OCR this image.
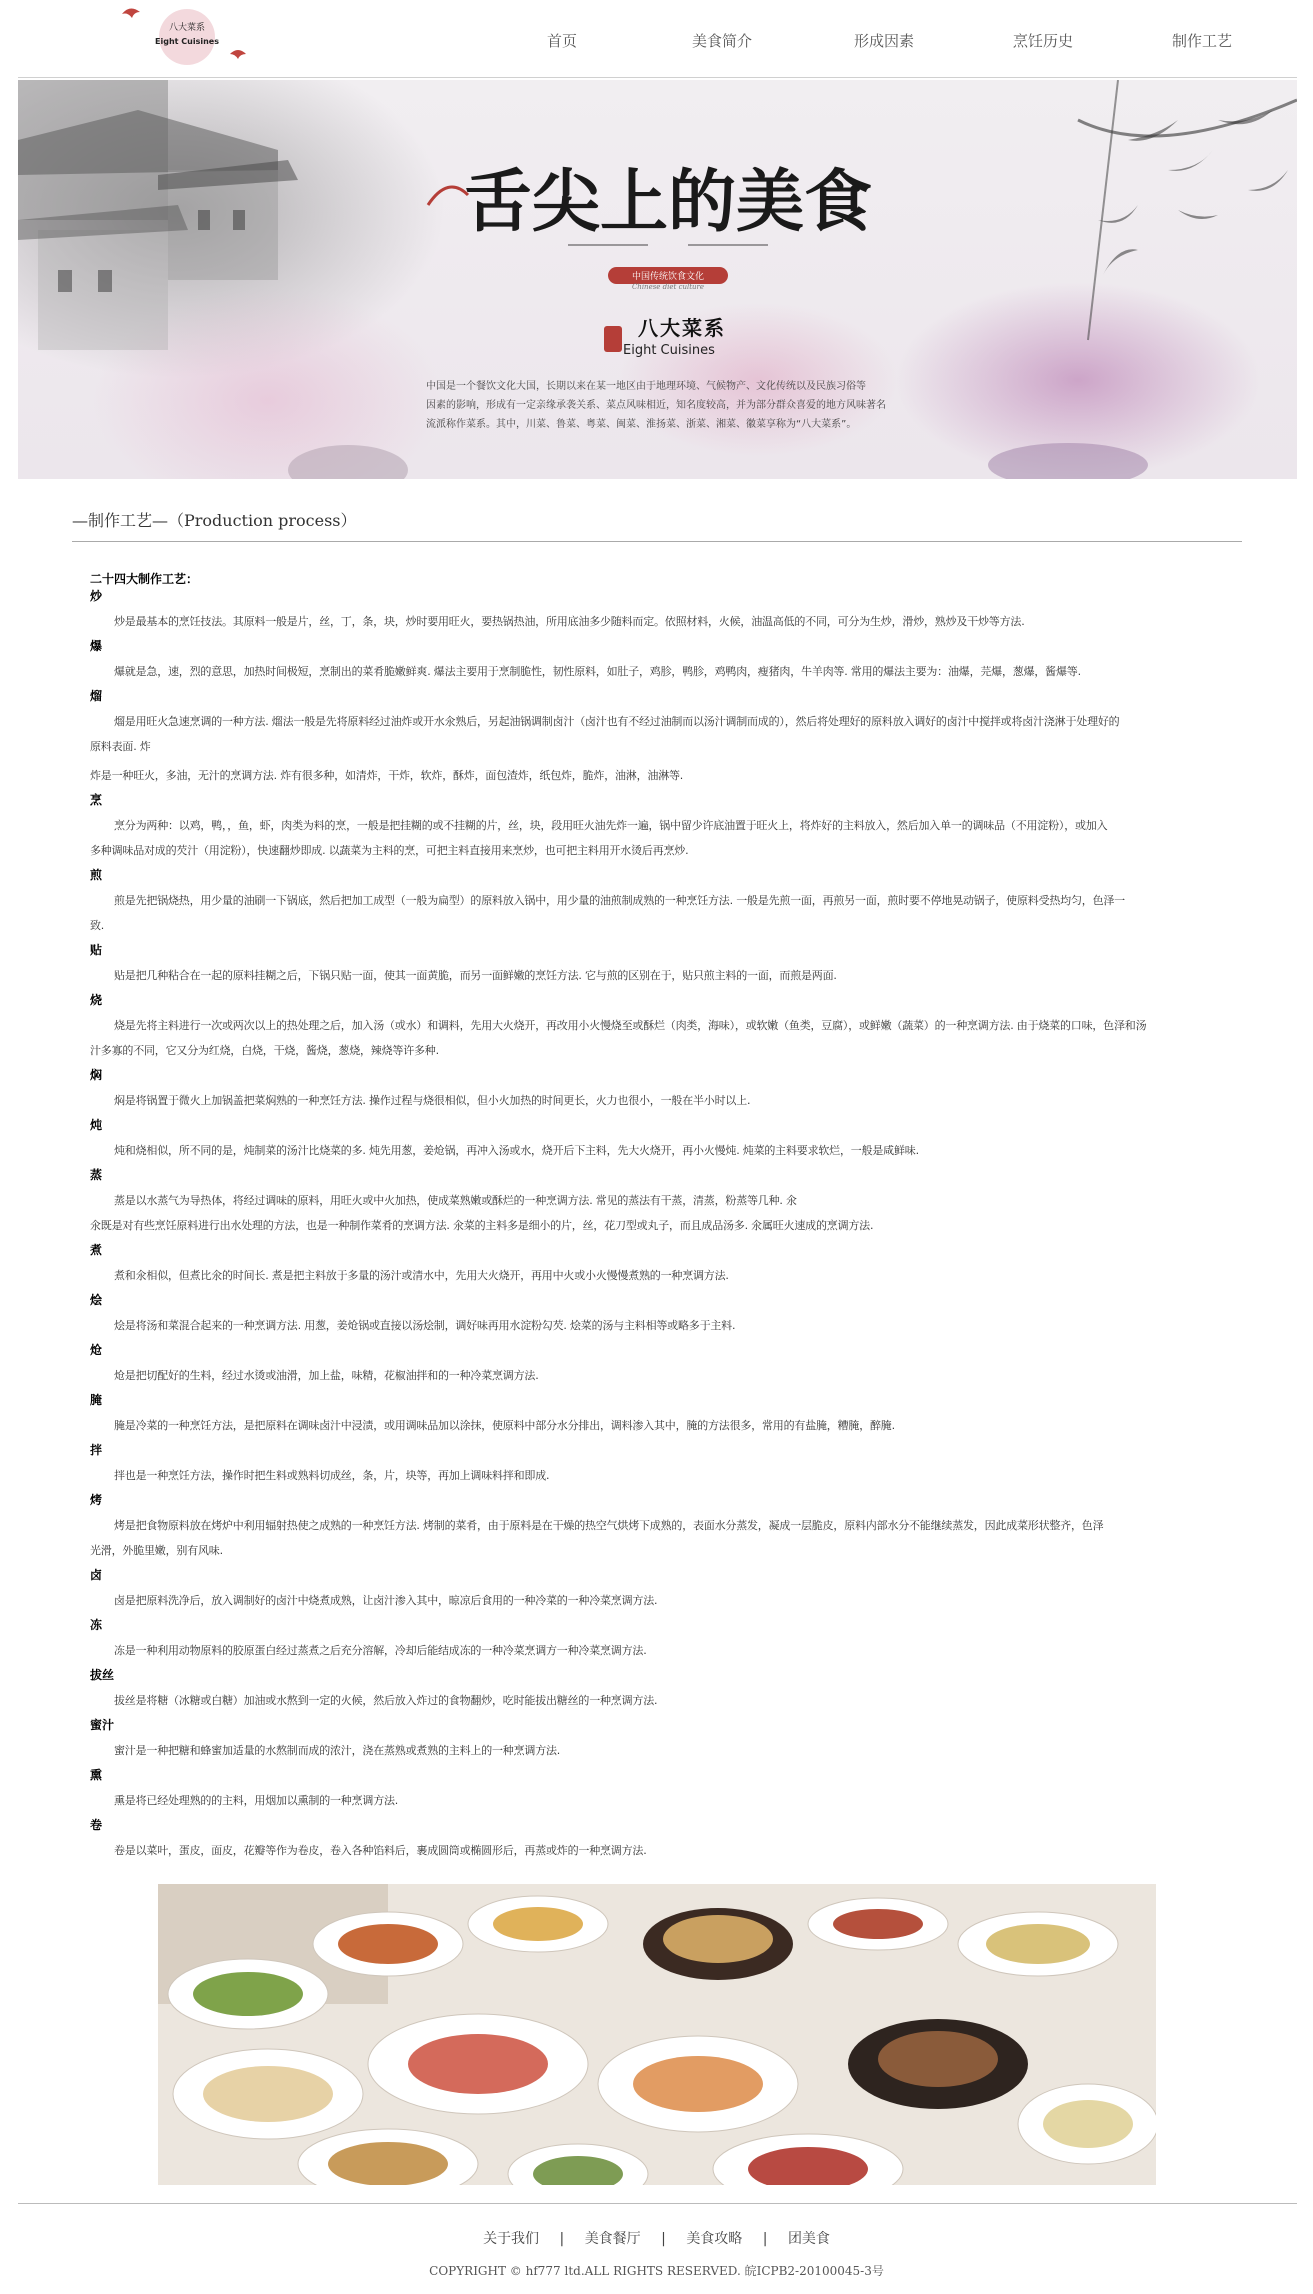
八大菜系
Eight Cuisines	首页	美食简介	形成因素	烹饪历史	制作工艺
舌尖上的美食
中国传统饮食文化
Chinese diet culture
八大菜系
Eight Cuisines
中国是一个餐饮文化大国，长期以来在某一地区由于地理环境、气候物产、文化传统以及民族习俗等
因素的影响，形成有一定亲缘承袭关系、菜点风味相近，知名度较高，并为部分群众喜爱的地方风味著名
流派称作菜系。其中，川菜、鲁菜、粤菜、闽菜、淮扬菜、浙菜、湘菜、徽菜享称为“八大菜系”。
—制作工艺—（Production process）
二十四大制作工艺：
炒
炒是最基本的烹饪技法。其原料一般是片，丝，丁，条，块，炒时要用旺火，要热锅热油，所用底油多少随料而定。依照材料，火候，油温高低的不同，可分为生炒，滑炒，熟炒及干炒等方法.
爆
爆就是急，速，烈的意思，加热时间极短，烹制出的菜肴脆嫩鲜爽. 爆法主要用于烹制脆性，韧性原料，如肚子，鸡胗，鸭胗，鸡鸭肉，瘦猪肉，牛羊肉等. 常用的爆法主要为：油爆，芫爆，葱爆，酱爆等.
熘
熘是用旺火急速烹调的一种方法. 熘法一般是先将原料经过油炸或开水氽熟后，另起油锅调制卤汁（卤汁也有不经过油制而以汤汁调制而成的），然后将处理好的原料放入调好的卤汁中搅拌或将卤汁浇淋于处理好的
原料表面. 炸
炸是一种旺火，多油，无汁的烹调方法. 炸有很多种，如清炸，干炸，软炸，酥炸，面包渣炸，纸包炸，脆炸，油淋，油淋等.
烹
烹分为两种：以鸡，鸭，，鱼，虾，肉类为料的烹，一般是把挂糊的或不挂糊的片，丝，块，段用旺火油先炸一遍，锅中留少许底油置于旺火上，将炸好的主料放入，然后加入单一的调味品（不用淀粉），或加入
多种调味品对成的芡汁（用淀粉），快速翻炒即成. 以蔬菜为主料的烹，可把主料直接用来烹炒，也可把主料用开水烫后再烹炒.
煎
煎是先把锅烧热，用少量的油刷一下锅底，然后把加工成型（一般为扁型）的原料放入锅中，用少量的油煎制成熟的一种烹饪方法. 一般是先煎一面，再煎另一面，煎时要不停地晃动锅子，使原料受热均匀，色泽一
致.
贴
贴是把几种粘合在一起的原料挂糊之后，下锅只贴一面，使其一面黄脆，而另一面鲜嫩的烹饪方法. 它与煎的区别在于，贴只煎主料的一面，而煎是两面.
烧
烧是先将主料进行一次或两次以上的热处理之后，加入汤（或水）和调料，先用大火烧开，再改用小火慢烧至或酥烂（肉类，海味），或软嫩（鱼类，豆腐），或鲜嫩（蔬菜）的一种烹调方法. 由于烧菜的口味，色泽和汤
汁多寡的不同，它又分为红烧，白烧，干烧，酱烧，葱烧，辣烧等许多种.
焖
焖是将锅置于微火上加锅盖把菜焖熟的一种烹饪方法. 操作过程与烧很相似，但小火加热的时间更长，火力也很小，一般在半小时以上.
炖
炖和烧相似，所不同的是，炖制菜的汤汁比烧菜的多. 炖先用葱，姜炝锅，再冲入汤或水，烧开后下主料，先大火烧开，再小火慢炖. 炖菜的主料要求软烂，一般是咸鲜味.
蒸
蒸是以水蒸气为导热体，将经过调味的原料，用旺火或中火加热，使成菜熟嫩或酥烂的一种烹调方法. 常见的蒸法有干蒸，清蒸，粉蒸等几种. 氽
氽既是对有些烹饪原料进行出水处理的方法，也是一种制作菜肴的烹调方法. 氽菜的主料多是细小的片，丝，花刀型或丸子，而且成品汤多. 氽属旺火速成的烹调方法.
煮
煮和氽相似，但煮比氽的时间长. 煮是把主料放于多量的汤汁或清水中，先用大火烧开，再用中火或小火慢慢煮熟的一种烹调方法.
烩
烩是将汤和菜混合起来的一种烹调方法. 用葱，姜炝锅或直接以汤烩制，调好味再用水淀粉勾芡. 烩菜的汤与主料相等或略多于主料.
炝
炝是把切配好的生料，经过水烫或油滑，加上盐，味精，花椒油拌和的一种冷菜烹调方法.
腌
腌是冷菜的一种烹饪方法，是把原料在调味卤汁中浸渍，或用调味品加以涂抹，使原料中部分水分排出，调料渗入其中，腌的方法很多，常用的有盐腌，糟腌，醉腌.
拌
拌也是一种烹饪方法，操作时把生料或熟料切成丝，条，片，块等，再加上调味料拌和即成.
烤
烤是把食物原料放在烤炉中利用辐射热使之成熟的一种烹饪方法. 烤制的菜肴，由于原料是在干燥的热空气烘烤下成熟的，表面水分蒸发，凝成一层脆皮，原料内部水分不能继续蒸发，因此成菜形状整齐，色泽
光滑，外脆里嫩，别有风味.
卤
卤是把原料洗净后，放入调制好的卤汁中烧煮成熟，让卤汁渗入其中，晾凉后食用的一种冷菜的一种冷菜烹调方法.
冻
冻是一种利用动物原料的胶原蛋白经过蒸煮之后充分溶解，冷却后能结成冻的一种冷菜烹调方一种冷菜烹调方法.
拔丝
拔丝是将糖（冰糖或白糖）加油或水熬到一定的火候，然后放入炸过的食物翻炒，吃时能拔出糖丝的一种烹调方法.
蜜汁
蜜汁是一种把糖和蜂蜜加适量的水熬制而成的浓汁，浇在蒸熟或煮熟的主料上的一种烹调方法.
熏
熏是将已经处理熟的的主料，用烟加以熏制的一种烹调方法.
卷
卷是以菜叶，蛋皮，面皮，花瓣等作为卷皮，卷入各种馅料后，裹成圆筒或椭圆形后，再蒸或炸的一种烹调方法.
关于我们 | 美食餐厅 | 美食攻略 | 团美食
COPYRIGHT © hf777 ltd.ALL RIGHTS RESERVED. 皖ICPB2-20100045-3号
